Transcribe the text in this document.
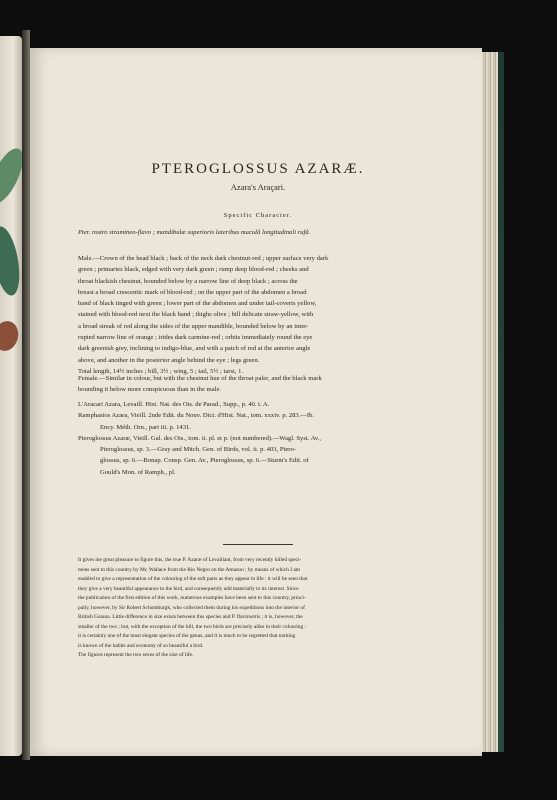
PTEROGLOSSUS AZARÆ.
Azara's Araçari.
Specific Character.

Pter. rostro stramineo-flavo ; mandibulæ superioris lateribus maculâ longitudinali rufâ.

Male.—Crown of the head black ; back of the neck dark chestnut-red ; upper surface very dark
green ; primaries black, edged with very dark green ; rump deep blood-red ; cheeks and
throat blackish chestnut, bounded below by a narrow line of deep black ; across the
breast a broad crescentic mark of blood-red ; on the upper part of the abdomen a broad
band of black tinged with green ; lower part of the abdomen and under tail-coverts yellow,
stained with blood-red next the black band ; thighs olive ; bill delicate straw-yellow, with
a broad streak of red along the sides of the upper mandible, bounded below by an inter-
rupted narrow line of orange ; irides dark carmine-red ; orbits immediately round the eye
dark greenish grey, inclining to indigo-blue, and with a patch of red at the anterior angle
above, and another in the posterior angle behind the eye ; legs green.
Total length, 14½ inches ; bill, 3½ ; wing, 5 ; tail, 5½ ; tarsi, 1.

Female.—Similar in colour, but with the chestnut hue of the throat paler, and the black mark
bounding it below more conspicuous than in the male.

L'Aracari Azara, Levaill. Hist. Nat. des Ois. de Parad., Supp., p. 40. t. A.
Ramphastos Azara, Vieill. 2nde Edit. du Nouv. Dict. d'Hist. Nat., tom. xxxiv. p. 283.—Ib.
Ency. Méth. Orn., part iii. p. 1431.
Pteroglossus Azaræ, Vieill. Gal. des Ois., tom. ii. pl. et p. (not numbered).—Wagl. Syst. Av.,
Pteroglossus, sp. 3.—Gray and Mitch. Gen. of Birds, vol. ii. p. 403, Ptero-
glossus, sp. 6.—Bonap. Consp. Gen. Av., Pteroglossus, sp. 6.—Sturm's Edit. of
Gould's Mon. of Ramph., pl.

It gives me great pleasure to figure this, the true P. Azaræ of Levaillant, from very recently killed speci-
mens sent to this country by Mr. Wallace from the Rio Negro on the Amazon ; by means of which I am
enabled to give a representation of the colouring of the soft parts as they appear in life : it will be seen that
they give a very beautiful appearance to the bird, and consequently add materially to its interest. Since
the publication of the first edition of this work, numerous examples have been sent to this country, princi-
pally, however, by Sir Robert Schomburgk, who collected them during his expeditions into the interior of
British Guiana. Little difference in size exists between this species and P. flavirostris ; it is, however, the
smaller of the two ; but, with the exception of the bill, the two birds are precisely alike in their colouring :
it is certainly one of the most elegant species of the genus, and it is much to be regretted that nothing
is known of the habits and economy of so beautiful a bird.
The figures represent the two sexes of the size of life.
